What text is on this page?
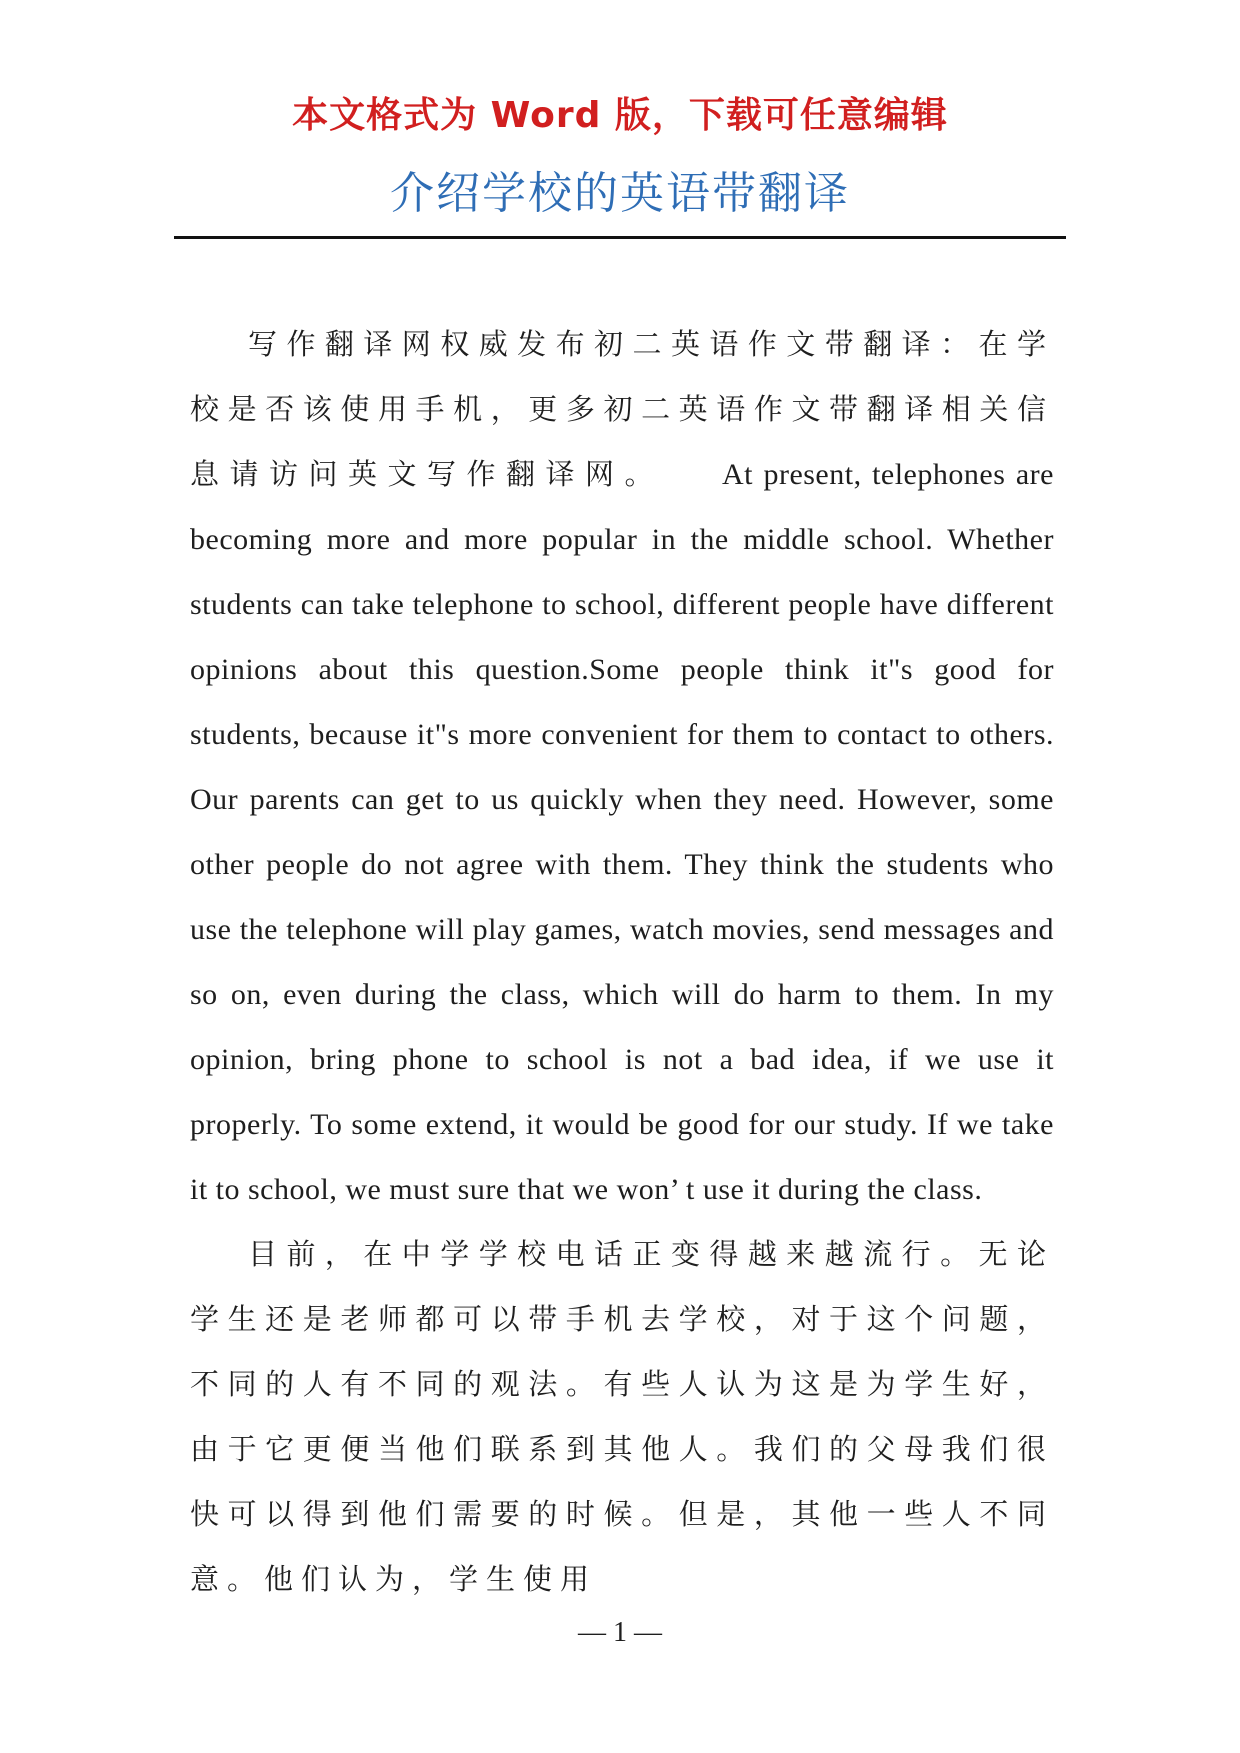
本文格式为 Word 版，下载可任意编辑
介绍学校的英语带翻译

写作翻译网权威发布初二英语作文带翻译：在学校是否该使用手机，更多初二英语作文带翻译相关信息请访问英文写作翻译网。   At present, telephones are becoming more and more popular in the middle school. Whether students can take telephone to school, different people have different opinions about this question.Some people think it"s good for students, because it"s more convenient for them to contact to others. Our parents can get to us quickly when they need. However, some other people do not agree with them. They think the students who use the telephone will play games, watch movies, send messages and so on, even during the class, which will do harm to them. In my opinion, bring phone to school is not a bad idea, if we use it properly. To some extend, it would be good for our study. If we take it to school, we must sure that we won’ t use it during the class.

目前，在中学学校电话正变得越来越流行。无论学生还是老师都可以带手机去学校，对于这个问题，不同的人有不同的观法。有些人认为这是为学生好，由于它更便当他们联系到其他人。我们的父母我们很快可以得到他们需要的时候。但是，其他一些人不同意。他们认为，学生使用

— 1 —
